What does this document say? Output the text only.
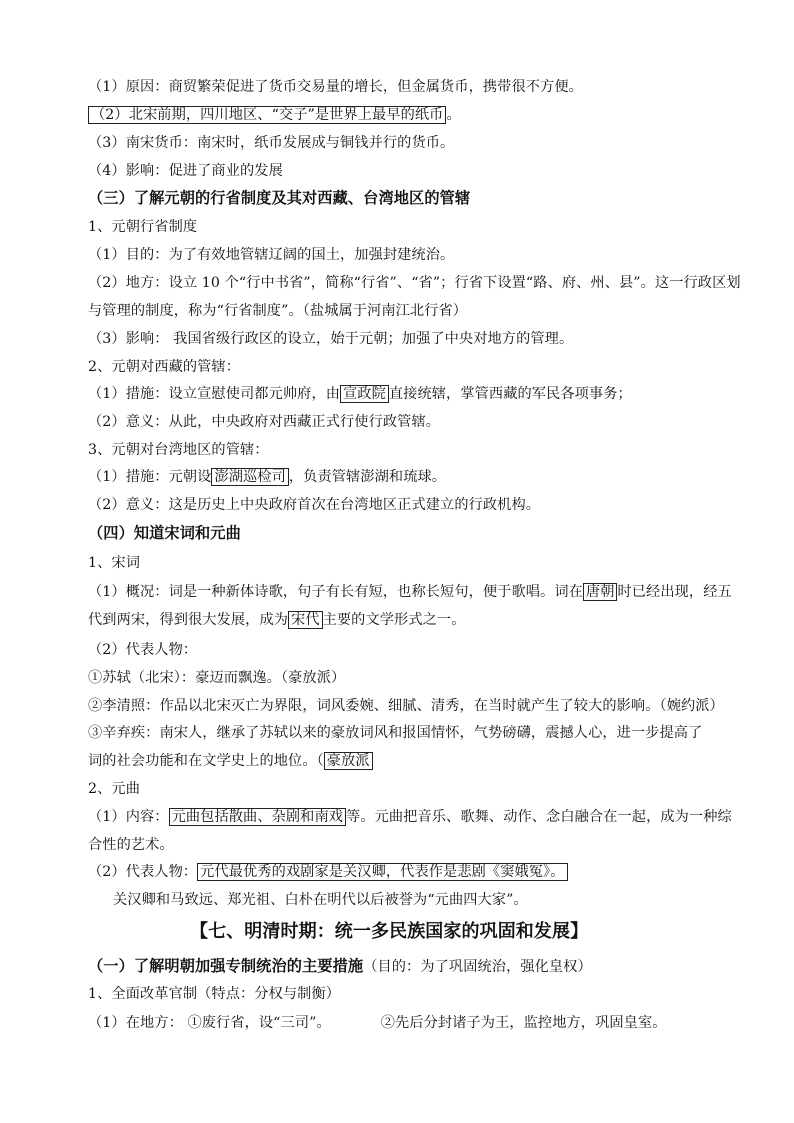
（1）原因：商贸繁荣促进了货币交易量的增长，但金属货币，携带很不方便。
（2）北宋前期，四川地区、“交子”是世界上最早的纸币 。
（3）南宋货币：南宋时，纸币发展成与铜钱并行的货币。
（4）影响：促进了商业的发展
（三）了解元朝的行省制度及其对西藏、台湾地区的管辖
1、元朝行省制度
（1）目的：为了有效地管辖辽阔的国土，加强封建统治。
（2）地方：设立 10 个“行中书省”，简称“行省”、“省”；行省下设置“路、府、州、县”。这一行政区划
与管理的制度，称为“行省制度”。（盐城属于河南江北行省）
（3）影响： 我国省级行政区的设立，始于元朝；加强了中央对地方的管理。
2、元朝对西藏的管辖：
（1）措施：设立宣慰使司都元帅府，由 宣政院 直接统辖，掌管西藏的军民各项事务；
（2）意义：从此，中央政府对西藏正式行使行政管辖。
3、元朝对台湾地区的管辖：
（1）措施：元朝设 澎湖巡检司 ，负责管辖澎湖和琉球。
（2）意义：这是历史上中央政府首次在台湾地区正式建立的行政机构。
（四）知道宋词和元曲
1、宋词
（1）概况：词是一种新体诗歌，句子有长有短，也称长短句，便于歌唱。词在 唐朝 时已经出现，经五
代到两宋，得到很大发展，成为 宋代 主要的文学形式之一。
（2）代表人物：
①苏轼（北宋）：豪迈而飘逸。（豪放派）
②李清照：作品以北宋灭亡为界限，词风委婉、细腻、清秀，在当时就产生了较大的影响。（婉约派）
③辛弃疾：南宋人，继承了苏轼以来的豪放词风和报国情怀，气势磅礴，震撼人心，进一步提高了
词的社会功能和在文学史上的地位。（ 豪放派
2、元曲
（1）内容： 元曲包括散曲、杂剧和南戏 等。元曲把音乐、歌舞、动作、念白融合在一起，成为一种综
合性的艺术。
（2）代表人物： 元代最优秀的戏剧家是关汉卿，代表作是悲剧《窦娥冤》。
关汉卿和马致远、郑光祖、白朴在明代以后被誉为“元曲四大家”。
【七、明清时期：统一多民族国家的巩固和发展】
（一）了解明朝加强专制统治的主要措施（目的：为了巩固统治，强化皇权）
1、全面改革官制（特点：分权与制衡）
（1）在地方： ①废行省，设“三司”。	②先后分封诸子为王，监控地方，巩固皇室。
